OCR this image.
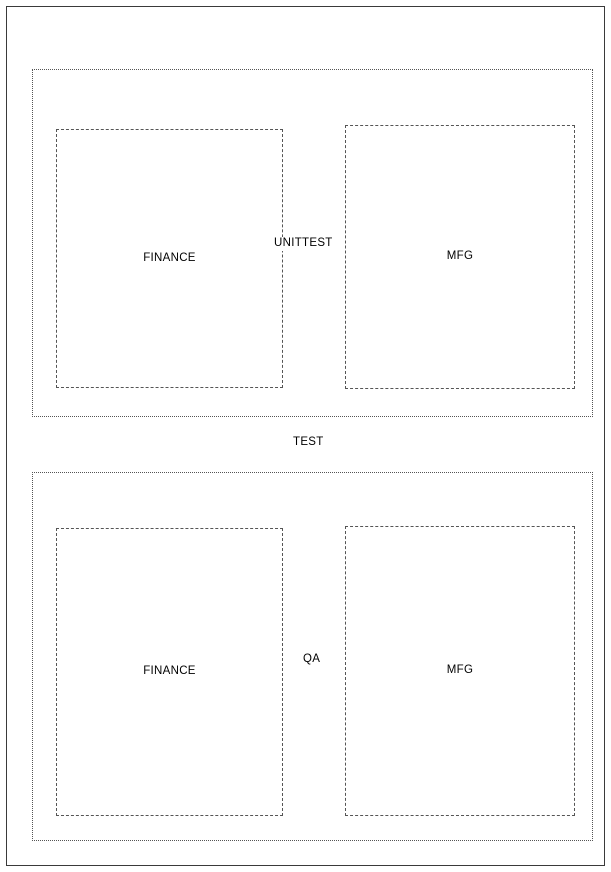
FINANCE	MFG
UNITTEST
TEST
FINANCE	MFG
QA
